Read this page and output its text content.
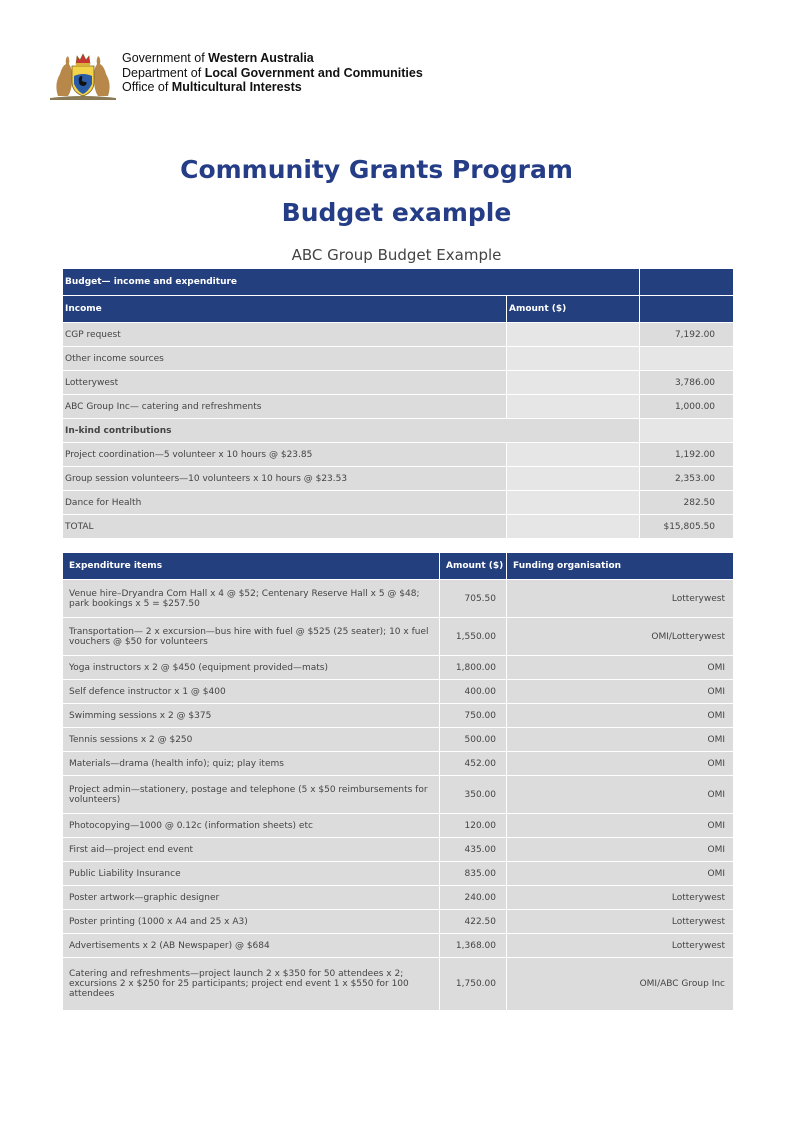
Government of Western Australia
Department of Local Government and Communities
Office of Multicultural Interests
Community Grants Program
Budget example
ABC Group Budget Example
Budget— income and expenditure		
Income	Amount ($)	
CGP request		7,192.00
Other income sources		
Lotterywest		3,786.00
ABC Group Inc— catering and refreshments		1,000.00
In-kind contributions		
Project coordination—5 volunteer x 10 hours @ $23.85		1,192.00
Group session volunteers—10 volunteers x 10 hours @ $23.53		2,353.00
Dance for Health		282.50
TOTAL		$15,805.50
Expenditure items	Amount ($)	Funding organisation
Venue hire–Dryandra Com Hall x 4 @ $52; Centenary Reserve Hall x 5 @ $48; park bookings x 5 = $257.50	705.50	Lotterywest
Transportation— 2 x excursion—bus hire with fuel @ $525 (25 seater); 10 x fuel vouchers @ $50 for volunteers	1,550.00	OMI/Lotterywest
Yoga instructors x 2 @ $450 (equipment provided—mats)	1,800.00	OMI
Self defence instructor x 1 @ $400	400.00	OMI
Swimming sessions x 2 @ $375	750.00	OMI
Tennis sessions x 2 @ $250	500.00	OMI
Materials—drama (health info); quiz; play items	452.00	OMI
Project admin—stationery, postage and telephone (5 x $50 reimbursements for volunteers)	350.00	OMI
Photocopying—1000 @ 0.12c (information sheets) etc	120.00	OMI
First aid—project end event	435.00	OMI
Public Liability Insurance	835.00	OMI
Poster artwork—graphic designer	240.00	Lotterywest
Poster printing (1000 x A4 and 25 x A3)	422.50	Lotterywest
Advertisements x 2 (AB Newspaper) @ $684	1,368.00	Lotterywest
Catering and refreshments—project launch 2 x $350 for 50 attendees x 2; excursions 2 x $250 for 25 participants; project end event 1 x $550 for 100 attendees	1,750.00	OMI/ABC Group Inc
